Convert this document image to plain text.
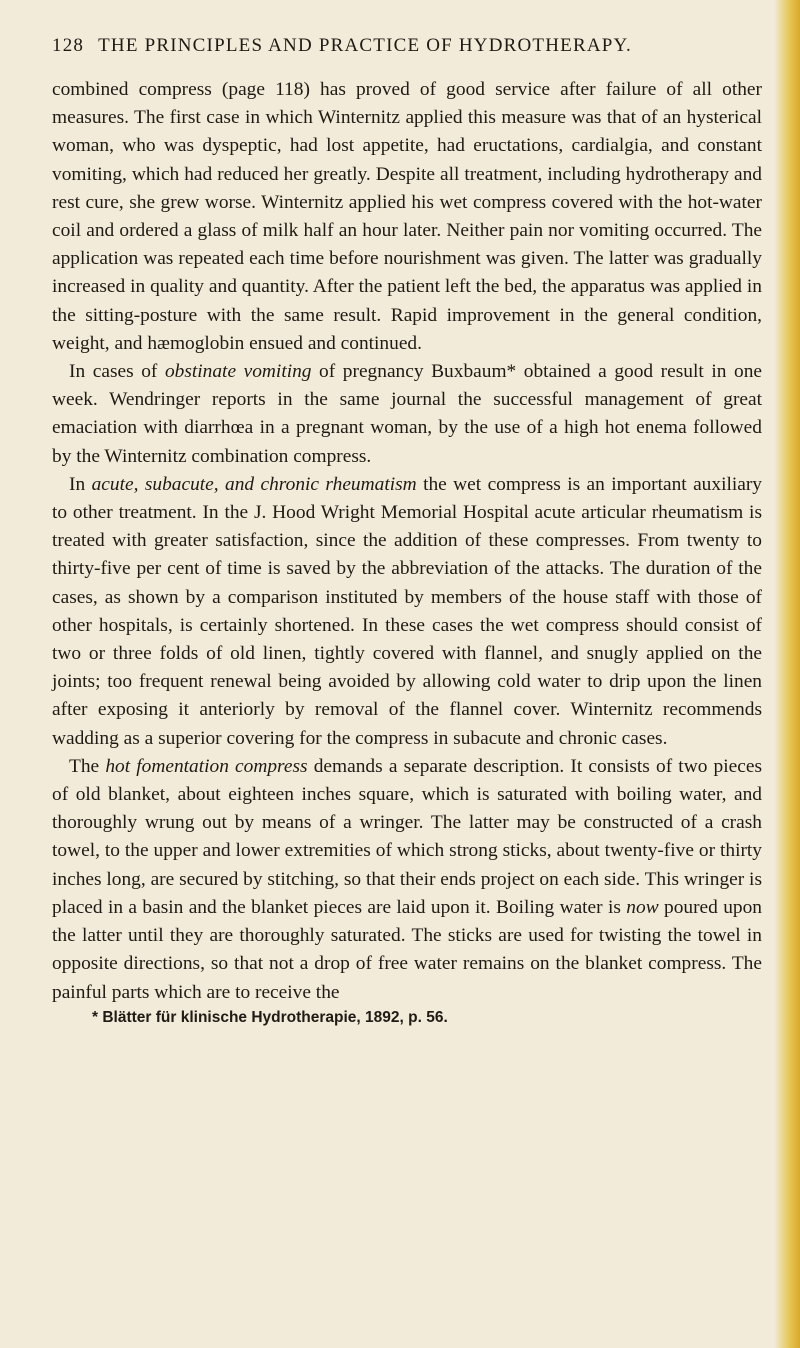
128 THE PRINCIPLES AND PRACTICE OF HYDROTHERAPY.

combined compress (page 118) has proved of good service after failure of all other measures. The first case in which Winternitz applied this measure was that of an hysterical woman, who was dyspeptic, had lost appetite, had eructations, cardialgia, and constant vomiting, which had reduced her greatly. Despite all treatment, including hydrotherapy and rest cure, she grew worse. Winternitz applied his wet compress covered with the hot-water coil and ordered a glass of milk half an hour later. Neither pain nor vomiting occurred. The application was repeated each time before nourishment was given. The latter was gradually increased in quality and quantity. After the patient left the bed, the apparatus was applied in the sitting-posture with the same result. Rapid improvement in the general condition, weight, and hæmoglobin ensued and continued.

In cases of obstinate vomiting of pregnancy Buxbaum* obtained a good result in one week. Wendringer reports in the same journal the successful management of great emaciation with diarrhœa in a pregnant woman, by the use of a high hot enema followed by the Winternitz combination compress.

In acute, subacute, and chronic rheumatism the wet compress is an important auxiliary to other treatment. In the J. Hood Wright Memorial Hospital acute articular rheumatism is treated with greater satisfaction, since the addition of these compresses. From twenty to thirty-five per cent of time is saved by the abbreviation of the attacks. The duration of the cases, as shown by a comparison instituted by members of the house staff with those of other hospitals, is certainly shortened. In these cases the wet compress should consist of two or three folds of old linen, tightly covered with flannel, and snugly applied on the joints; too frequent renewal being avoided by allowing cold water to drip upon the linen after exposing it anteriorly by removal of the flannel cover. Winternitz recommends wadding as a superior covering for the compress in subacute and chronic cases.

The hot fomentation compress demands a separate description. It consists of two pieces of old blanket, about eighteen inches square, which is saturated with boiling water, and thoroughly wrung out by means of a wringer. The latter may be constructed of a crash towel, to the upper and lower extremities of which strong sticks, about twenty-five or thirty inches long, are secured by stitching, so that their ends project on each side. This wringer is placed in a basin and the blanket pieces are laid upon it. Boiling water is now poured upon the latter until they are thoroughly saturated. The sticks are used for twisting the towel in opposite directions, so that not a drop of free water remains on the blanket compress. The painful parts which are to receive the

* Blätter für klinische Hydrotherapie, 1892, p. 56.
